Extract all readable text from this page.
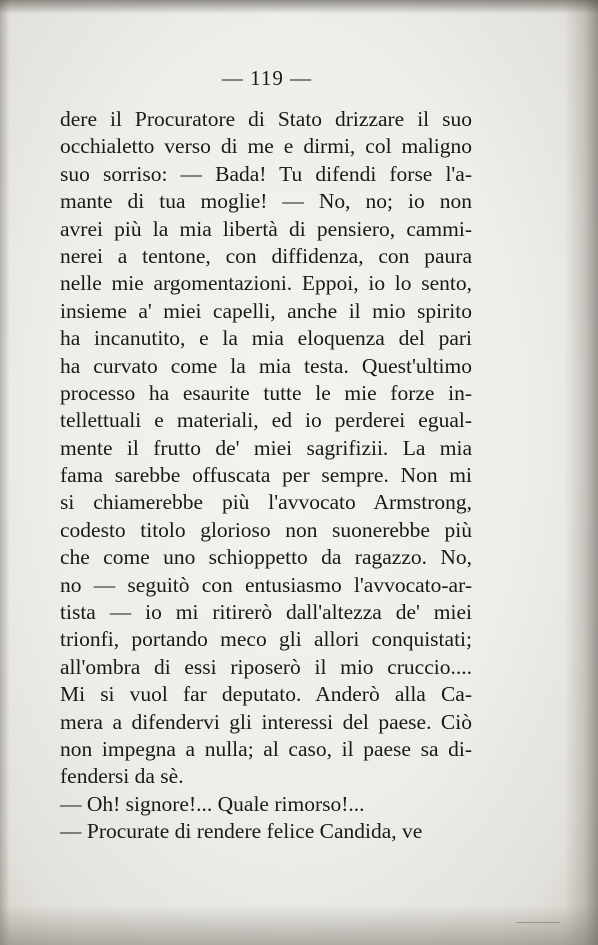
— 119 —
dere il Procuratore di Stato drizzare il suo
occhialetto verso di me e dirmi, col maligno
suo sorriso: — Bada! Tu difendi forse l'a-
mante di tua moglie! — No, no; io non
avrei più la mia libertà di pensiero, cammi-
nerei a tentone, con diffidenza, con paura
nelle mie argomentazioni. Eppoi, io lo sento,
insieme a' miei capelli, anche il mio spirito
ha incanutito, e la mia eloquenza del pari
ha curvato come la mia testa. Quest'ultimo
processo ha esaurite tutte le mie forze in-
tellettuali e materiali, ed io perderei egual-
mente il frutto de' miei sagrifizii. La mia
fama sarebbe offuscata per sempre. Non mi
si chiamerebbe più l'avvocato Armstrong,
codesto titolo glorioso non suonerebbe più
che come uno schioppetto da ragazzo. No,
no — seguitò con entusiasmo l'avvocato-ar-
tista — io mi ritirerò dall'altezza de' miei
trionfi, portando meco gli allori conquistati;
all'ombra di essi riposerò il mio cruccio....
Mi si vuol far deputato. Anderò alla Ca-
mera a difendervi gli interessi del paese. Ciò
non impegna a nulla; al caso, il paese sa di-
fendersi da sè.
— Oh! signore!... Quale rimorso!...
— Procurate di rendere felice Candida, ve
